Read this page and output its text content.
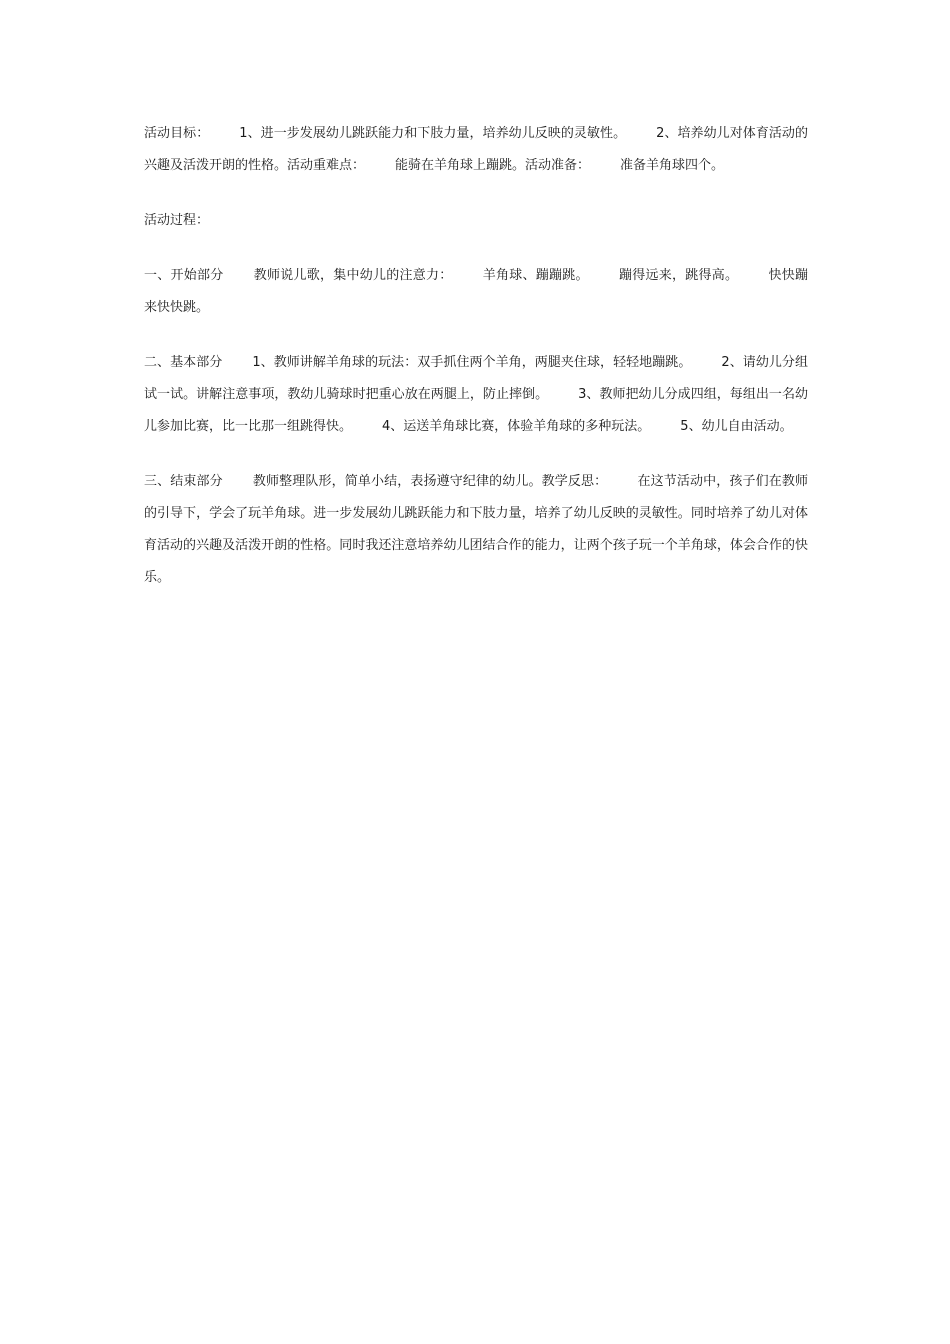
活动目标： 1、进一步发展幼儿跳跃能力和下肢力量，培养幼儿反映的灵敏性。 2、培养幼儿对体育活动的兴趣及活泼开朗的性格。活动重难点： 能骑在羊角球上蹦跳。活动准备： 准备羊角球四个。

活动过程：

一、开始部分 教师说儿歌，集中幼儿的注意力： 羊角球、蹦蹦跳。 蹦得远来，跳得高。 快快蹦来快快跳。

二、基本部分 1、教师讲解羊角球的玩法：双手抓住两个羊角，两腿夹住球，轻轻地蹦跳。 2、请幼儿分组试一试。讲解注意事项，教幼儿骑球时把重心放在两腿上，防止摔倒。 3、教师把幼儿分成四组，每组出一名幼儿参加比赛，比一比那一组跳得快。 4、运送羊角球比赛，体验羊角球的多种玩法。 5、幼儿自由活动。

三、结束部分 教师整理队形，简单小结，表扬遵守纪律的幼儿。教学反思： 在这节活动中，孩子们在教师的引导下，学会了玩羊角球。进一步发展幼儿跳跃能力和下肢力量，培养了幼儿反映的灵敏性。同时培养了幼儿对体育活动的兴趣及活泼开朗的性格。同时我还注意培养幼儿团结合作的能力，让两个孩子玩一个羊角球，体会合作的快乐。
